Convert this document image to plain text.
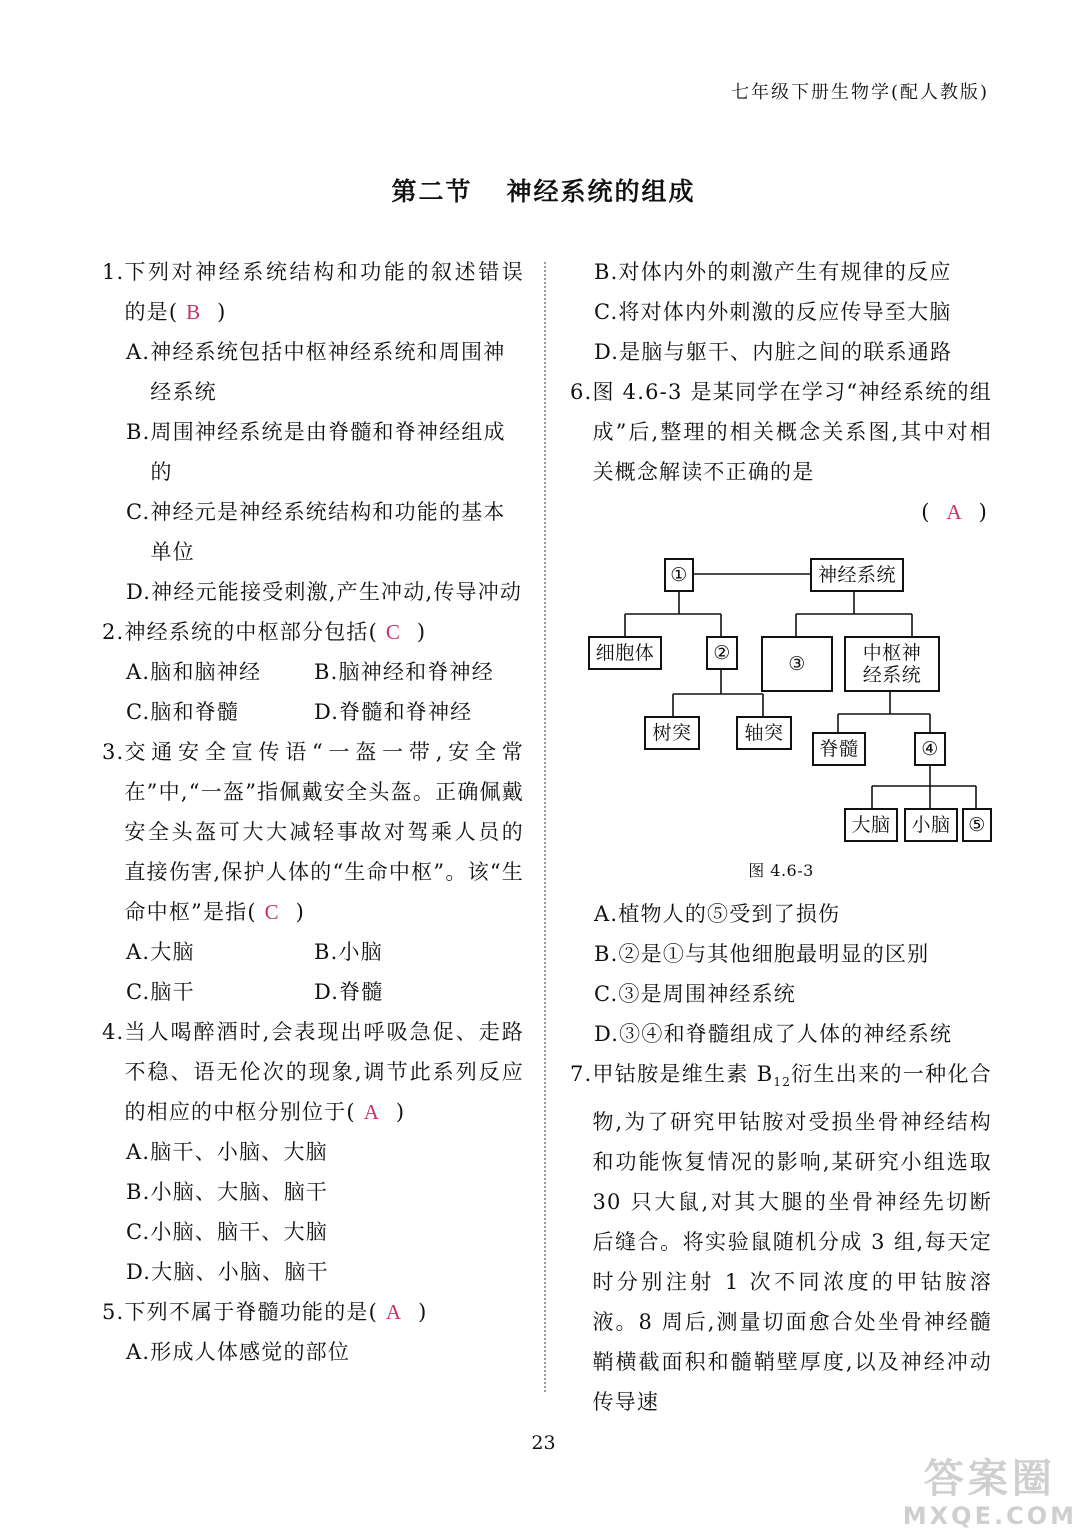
七年级下册生物学(配人教版)
第二节 神经系统的组成
1. 下列对神经系统结构和功能的叙述错误的是( B )
A. 神经系统包括中枢神经系统和周围神经系统
B. 周围神经系统是由脊髓和脊神经组成的
C. 神经元是神经系统结构和功能的基本单位
D. 神经元能接受刺激,产生冲动,传导冲动
2. 神经系统的中枢部分包括( C )
A. 脑和脑神经	B. 脑神经和脊神经
C. 脑和脊髓	D. 脊髓和脊神经
3. 交通安全宣传语“一盔一带,安全常在”中,“一盔”指佩戴安全头盔。正确佩戴安全头盔可大大减轻事故对驾乘人员的直接伤害,保护人体的“生命中枢”。该“生命中枢”是指( C )
A. 大脑	B. 小脑
C. 脑干	D. 脊髓
4. 当人喝醉酒时,会表现出呼吸急促、走路不稳、语无伦次的现象,调节此系列反应的相应的中枢分别位于( A )
A. 脑干、小脑、大脑
B. 小脑、大脑、脑干
C. 小脑、脑干、大脑
D. 大脑、小脑、脑干
5. 下列不属于脊髓功能的是( A )
A. 形成人体感觉的部位
B. 对体内外的刺激产生有规律的反应
C. 将对体内外刺激的反应传导至大脑
D. 是脑与躯干、内脏之间的联系通路
6. 图 4.6-3 是某同学在学习“神经系统的组成”后,整理的相关概念关系图,其中对相关概念解读不正确的是
( A )
①	神经系统
细胞体	②	③	中枢神经系统
树突	轴突
脊髓	④
大脑	小脑 ⑤
图 4.6-3
A. 植物人的⑤受到了损伤
B. ②是①与其他细胞最明显的区别
C. ③是周围神经系统
D. ③④和脊髓组成了人体的神经系统
7. 甲钴胺是维生素 $B_{12}$衍生出来的一种化合物,为了研究甲钴胺对受损坐骨神经结构和功能恢复情况的影响,某研究小组选取 30 只大鼠,对其大腿的坐骨神经先切断后缝合。将实验鼠随机分成 3 组,每天定时分别注射 1 次不同浓度的甲钴胺溶液。8 周后,测量切面愈合处坐骨神经髓鞘横截面积和髓鞘壁厚度,以及神经冲动传导速
23
答案圈
MXQE.COM
